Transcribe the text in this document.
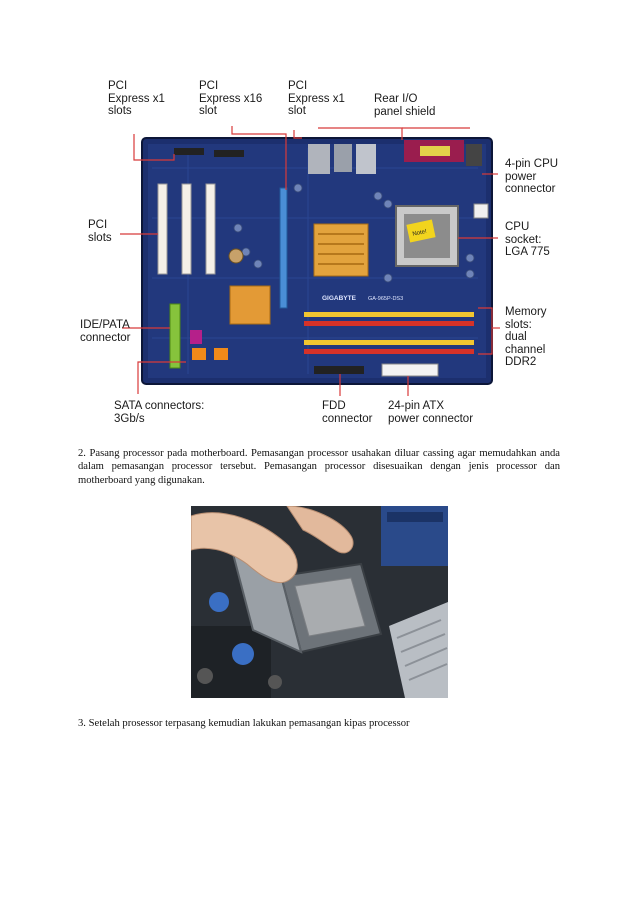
Note!
GIGABYTE GA-965P-DS3
PCI
Express x1
slots
PCI
Express x16
slot
PCI
Express x1
slot
Rear I/O
panel shield
4-pin CPU
power
connector
PCI
slots
CPU
socket:
LGA 775
IDE/PATA
connector
Memory
slots:
dual
channel
DDR2
SATA connectors:
3Gb/s
FDD
connector
24-pin ATX
power connector

2. Pasang processor pada motherboard. Pemasangan processor usahakan diluar cassing agar memudahkan anda dalam pemasangan processor tersebut. Pemasangan processor disesuaikan dengan jenis processor dan motherboard yang digunakan.

3. Setelah prosessor terpasang kemudian lakukan pemasangan kipas processor
